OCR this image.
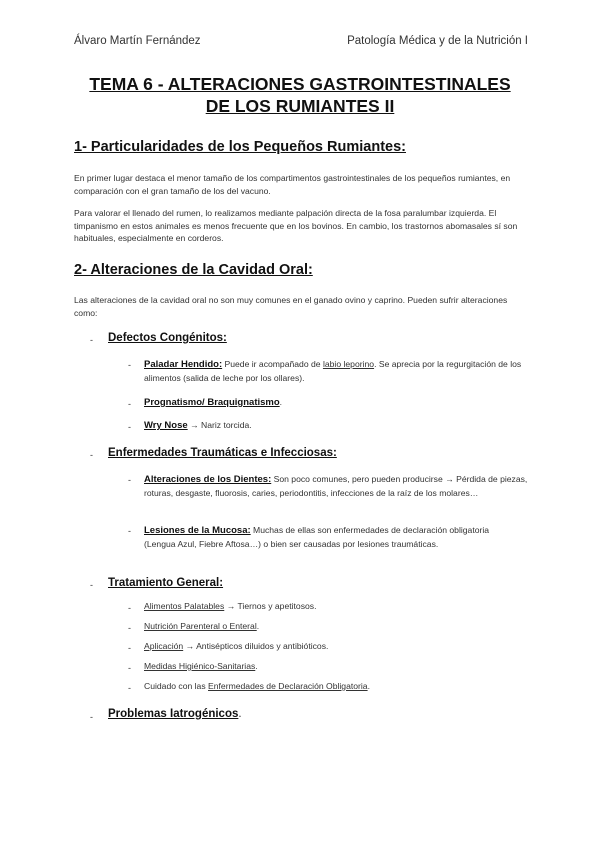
Álvaro Martín Fernández	Patología Médica y de la Nutrición I
TEMA 6 - ALTERACIONES GASTROINTESTINALES
DE LOS RUMIANTES II
1- Particularidades de los Pequeños Rumiantes:
En primer lugar destaca el menor tamaño de los compartimentos gastrointestinales de los pequeños rumiantes, en comparación con el gran tamaño de los del vacuno.
Para valorar el llenado del rumen, lo realizamos mediante palpación directa de la fosa paralumbar izquierda. El timpanismo en estos animales es menos frecuente que en los bovinos. En cambio, los trastornos abomasales sí son habituales, especialmente en corderos.
2- Alteraciones de la Cavidad Oral:
Las alteraciones de la cavidad oral no son muy comunes en el ganado ovino y caprino. Pueden sufrir alteraciones como:
- Defectos Congénitos:
- Paladar Hendido: Puede ir acompañado de labio leporino. Se aprecia por la regurgitación de los alimentos (salida de leche por los ollares).
- Prognatismo/ Braquignatismo.
- Wry Nose → Nariz torcida.
- Enfermedades Traumáticas e Infecciosas:
- Alteraciones de los Dientes: Son poco comunes, pero pueden producirse → Pérdida de piezas, roturas, desgaste, fluorosis, caries, periodontitis, infecciones de la raíz de los molares…
- Lesiones de la Mucosa: Muchas de ellas son enfermedades de declaración obligatoria (Lengua Azul, Fiebre Aftosa…) o bien ser causadas por lesiones traumáticas.
- Tratamiento General:
- Alimentos Palatables → Tiernos y apetitosos.
- Nutrición Parenteral o Enteral.
- Aplicación → Antisépticos diluidos y antibióticos.
- Medidas Higiénico-Sanitarias.
- Cuidado con las Enfermedades de Declaración Obligatoria.
- Problemas Iatrogénicos.
